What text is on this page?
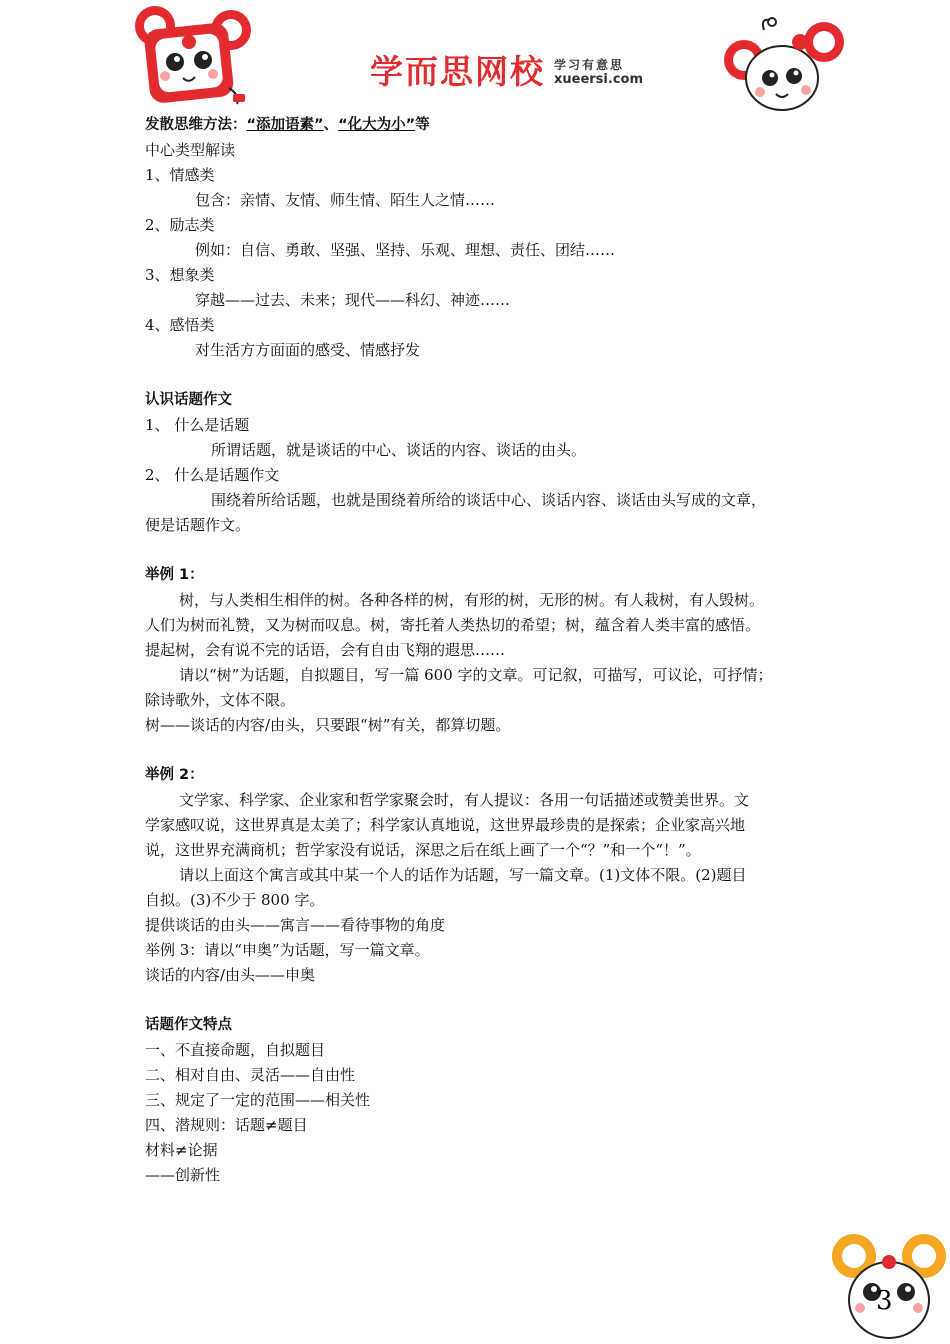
学而思网校 学习有意思
xueersi.com
发散思维方法：“添加语素”、“化大为小”等
中心类型解读
1、情感类
包含：亲情、友情、师生情、陌生人之情……
2、励志类
例如：自信、勇敢、坚强、坚持、乐观、理想、责任、团结……
3、想象类
穿越——过去、未来；现代——科幻、神迹……
4、感悟类
对生活方方面面的感受、情感抒发
认识话题作文
1、 什么是话题
所谓话题，就是谈话的中心、谈话的内容、谈话的由头。
2、 什么是话题作文
围绕着所给话题，也就是围绕着所给的谈话中心、谈话内容、谈话由头写成的文章，
便是话题作文。
举例 1：
树，与人类相生相伴的树。各种各样的树，有形的树，无形的树。有人栽树，有人毁树。
人们为树而礼赞，又为树而叹息。树，寄托着人类热切的希望；树，蕴含着人类丰富的感悟。
提起树，会有说不完的话语，会有自由飞翔的遐思……
请以“树”为话题，自拟题目，写一篇 600 字的文章。可记叙，可描写，可议论，可抒情；
除诗歌外，文体不限。
树——谈话的内容/由头，只要跟“树”有关，都算切题。
举例 2：
文学家、科学家、企业家和哲学家聚会时，有人提议：各用一句话描述或赞美世界。文
学家感叹说，这世界真是太美了；科学家认真地说，这世界最珍贵的是探索；企业家高兴地
说，这世界充满商机；哲学家没有说话，深思之后在纸上画了一个“？”和一个“！”。
请以上面这个寓言或其中某一个人的话作为话题，写一篇文章。(1)文体不限。(2)题目
自拟。(3)不少于 800 字。
提供谈话的由头——寓言——看待事物的角度
举例 3：请以“申奥”为话题，写一篇文章。
谈话的内容/由头——申奥
话题作文特点
一、不直接命题，自拟题目
二、相对自由、灵活——自由性
三、规定了一定的范围——相关性
四、潜规则：话题≠题目
材料≠论据
——创新性
3
